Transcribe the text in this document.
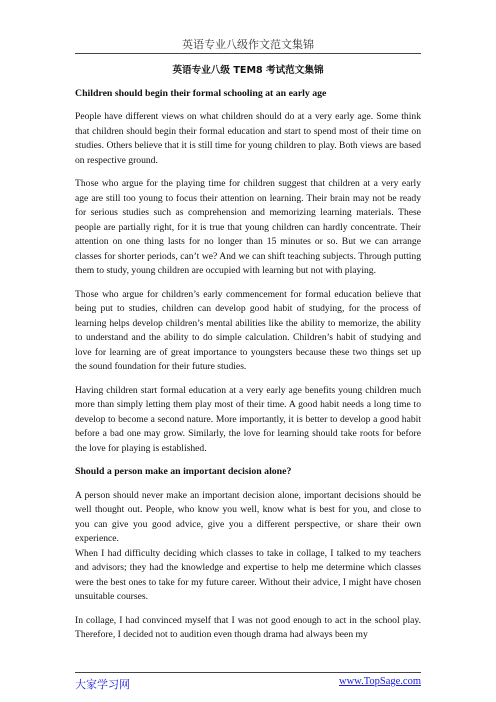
英语专业八级作文范文集锦
英语专业八级 TEM8 考试范文集锦
Children should begin their formal schooling at an early age
People have different views on what children should do at a very early age. Some think that children should begin their formal education and start to spend most of their time on studies. Others believe that it is still time for young children to play. Both views are based on respective ground.
Those who argue for the playing time for children suggest that children at a very early age are still too young to focus their attention on learning. Their brain may not be ready for serious studies such as comprehension and memorizing learning materials. These people are partially right, for it is true that young children can hardly concentrate. Their attention on one thing lasts for no longer than 15 minutes or so. But we can arrange classes for shorter periods, can’t we? And we can shift teaching subjects. Through putting them to study, young children are occupied with learning but not with playing.
Those who argue for children’s early commencement for formal education believe that being put to studies, children can develop good habit of studying, for the process of learning helps develop children’s mental abilities like the ability to memorize, the ability to understand and the ability to do simple calculation. Children’s habit of studying and love for learning are of great importance to youngsters because these two things set up the sound foundation for their future studies.
Having children start formal education at a very early age benefits young children much more than simply letting them play most of their time. A good habit needs a long time to develop to become a second nature. More importantly, it is better to develop a good habit before a bad one may grow. Similarly, the love for learning should take roots for before the love for playing is established.
Should a person make an important decision alone?
A person should never make an important decision alone, important decisions should be well thought out. People, who know you well, know what is best for you, and close to you can give you good advice, give you a different perspective, or share their own experience.
When I had difficulty deciding which classes to take in collage, I talked to my teachers and advisors; they had the knowledge and expertise to help me determine which classes were the best ones to take for my future career. Without their advice, I might have chosen unsuitable courses.
In collage, I had convinced myself that I was not good enough to act in the school play. Therefore, I decided not to audition even though drama had always been my
大家学习网	www.TopSage.com
